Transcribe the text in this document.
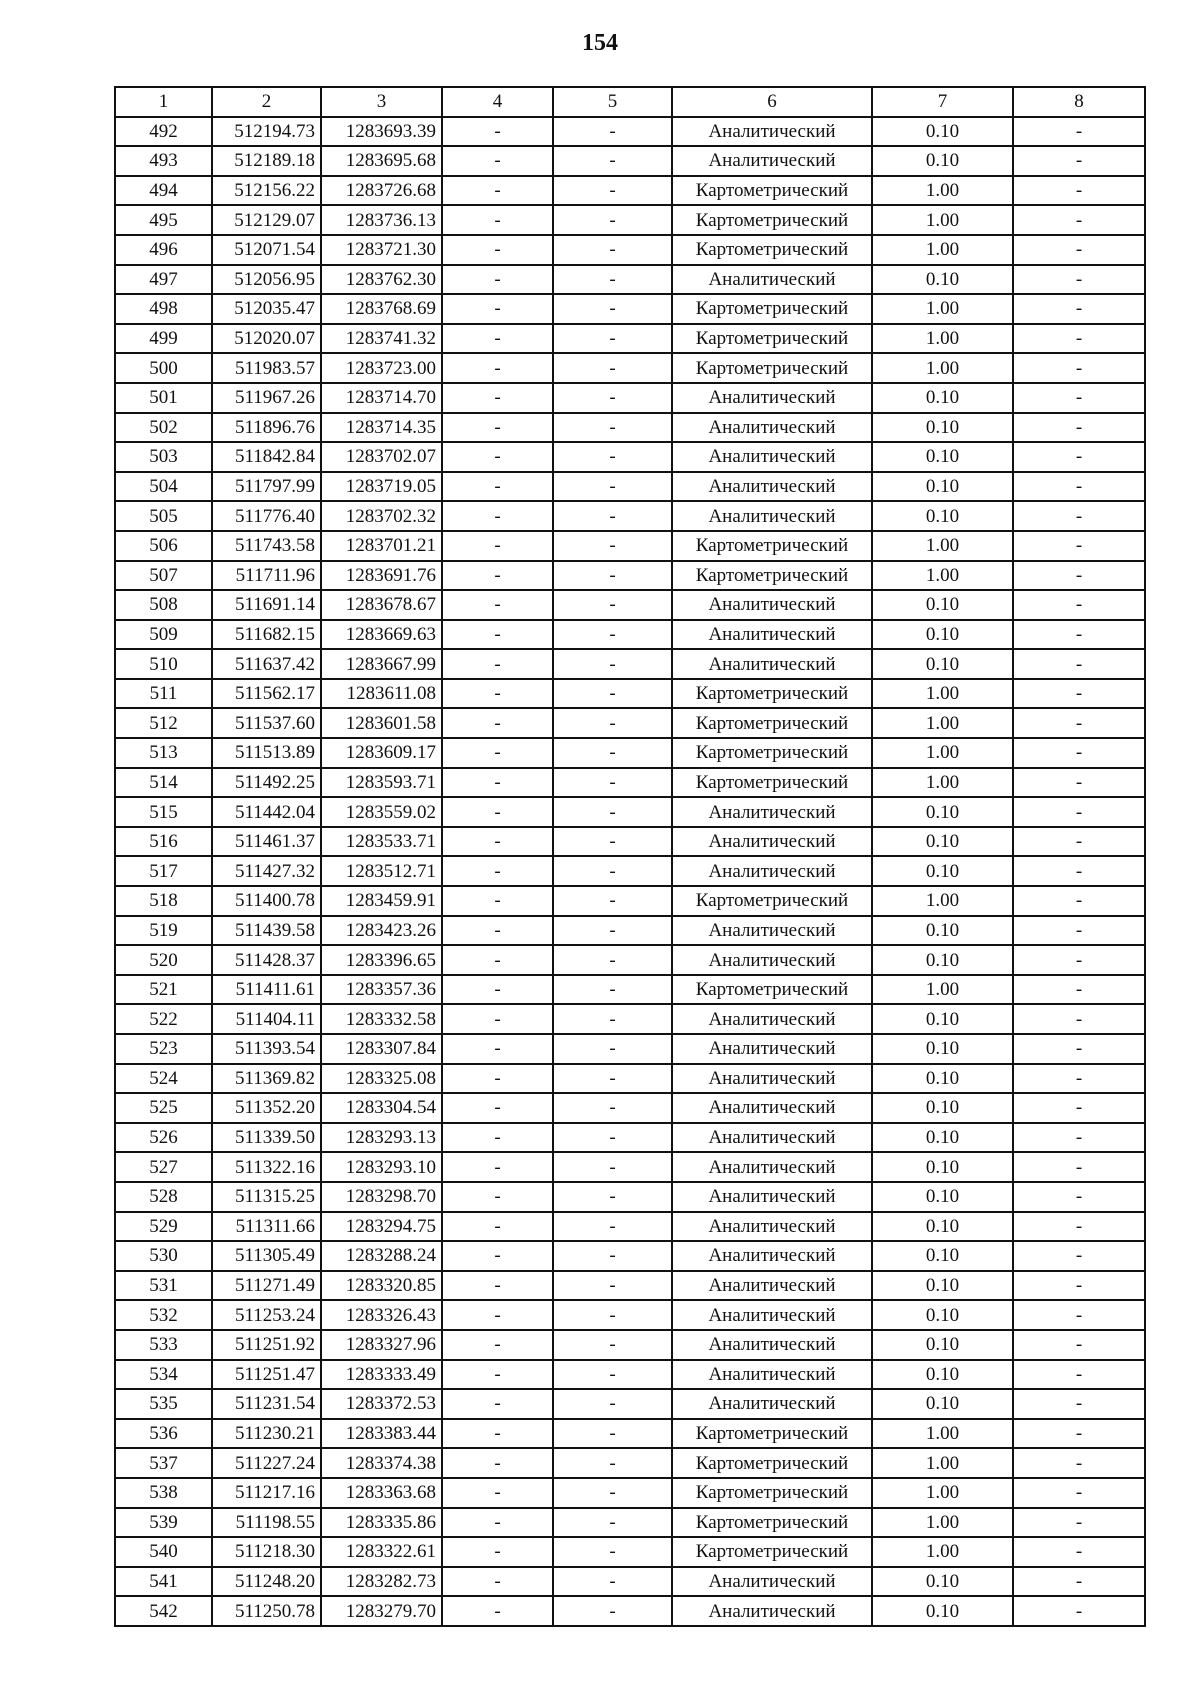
154
1	2	3	4	5	6	7	8
492	512194.73	1283693.39	-	-	Аналитический	0.10	-
493	512189.18	1283695.68	-	-	Аналитический	0.10	-
494	512156.22	1283726.68	-	-	Картометрический	1.00	-
495	512129.07	1283736.13	-	-	Картометрический	1.00	-
496	512071.54	1283721.30	-	-	Картометрический	1.00	-
497	512056.95	1283762.30	-	-	Аналитический	0.10	-
498	512035.47	1283768.69	-	-	Картометрический	1.00	-
499	512020.07	1283741.32	-	-	Картометрический	1.00	-
500	511983.57	1283723.00	-	-	Картометрический	1.00	-
501	511967.26	1283714.70	-	-	Аналитический	0.10	-
502	511896.76	1283714.35	-	-	Аналитический	0.10	-
503	511842.84	1283702.07	-	-	Аналитический	0.10	-
504	511797.99	1283719.05	-	-	Аналитический	0.10	-
505	511776.40	1283702.32	-	-	Аналитический	0.10	-
506	511743.58	1283701.21	-	-	Картометрический	1.00	-
507	511711.96	1283691.76	-	-	Картометрический	1.00	-
508	511691.14	1283678.67	-	-	Аналитический	0.10	-
509	511682.15	1283669.63	-	-	Аналитический	0.10	-
510	511637.42	1283667.99	-	-	Аналитический	0.10	-
511	511562.17	1283611.08	-	-	Картометрический	1.00	-
512	511537.60	1283601.58	-	-	Картометрический	1.00	-
513	511513.89	1283609.17	-	-	Картометрический	1.00	-
514	511492.25	1283593.71	-	-	Картометрический	1.00	-
515	511442.04	1283559.02	-	-	Аналитический	0.10	-
516	511461.37	1283533.71	-	-	Аналитический	0.10	-
517	511427.32	1283512.71	-	-	Аналитический	0.10	-
518	511400.78	1283459.91	-	-	Картометрический	1.00	-
519	511439.58	1283423.26	-	-	Аналитический	0.10	-
520	511428.37	1283396.65	-	-	Аналитический	0.10	-
521	511411.61	1283357.36	-	-	Картометрический	1.00	-
522	511404.11	1283332.58	-	-	Аналитический	0.10	-
523	511393.54	1283307.84	-	-	Аналитический	0.10	-
524	511369.82	1283325.08	-	-	Аналитический	0.10	-
525	511352.20	1283304.54	-	-	Аналитический	0.10	-
526	511339.50	1283293.13	-	-	Аналитический	0.10	-
527	511322.16	1283293.10	-	-	Аналитический	0.10	-
528	511315.25	1283298.70	-	-	Аналитический	0.10	-
529	511311.66	1283294.75	-	-	Аналитический	0.10	-
530	511305.49	1283288.24	-	-	Аналитический	0.10	-
531	511271.49	1283320.85	-	-	Аналитический	0.10	-
532	511253.24	1283326.43	-	-	Аналитический	0.10	-
533	511251.92	1283327.96	-	-	Аналитический	0.10	-
534	511251.47	1283333.49	-	-	Аналитический	0.10	-
535	511231.54	1283372.53	-	-	Аналитический	0.10	-
536	511230.21	1283383.44	-	-	Картометрический	1.00	-
537	511227.24	1283374.38	-	-	Картометрический	1.00	-
538	511217.16	1283363.68	-	-	Картометрический	1.00	-
539	511198.55	1283335.86	-	-	Картометрический	1.00	-
540	511218.30	1283322.61	-	-	Картометрический	1.00	-
541	511248.20	1283282.73	-	-	Аналитический	0.10	-
542	511250.78	1283279.70	-	-	Аналитический	0.10	-
